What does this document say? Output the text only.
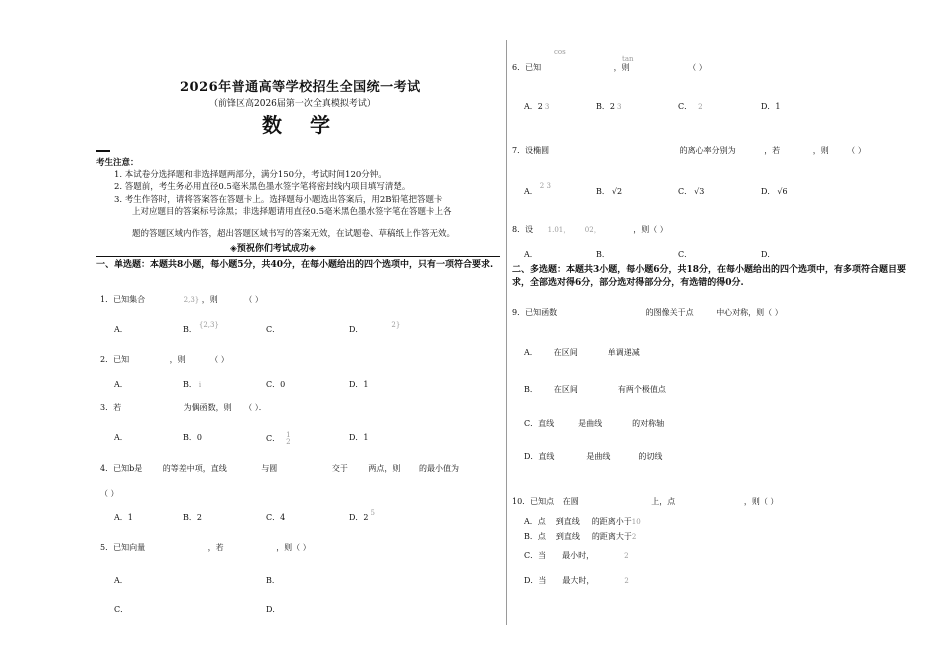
2026年普通高等学校招生全国统一考试
（前锋区高2026届第一次全真模拟考试）
数学
考生注意：
1. 本试卷分选择题和非选择题两部分，满分150分，考试时间120分钟。
2. 答题前，考生务必用直径0.5毫米黑色墨水签字笔将密封线内项目填写清楚。
3. 考生作答时，请将答案答在答题卡上。选择题每小题选出答案后，用2B铅笔把答题卡
上对应题目的答案标号涂黑；非选择题请用直径0.5毫米黑色墨水签字笔在答题卡上各
题的答题区域内作答，超出答题区域书写的答案无效，在试题卷、草稿纸上作答无效。
◈预祝你们考试成功◈
一、单选题：本题共8小题，每小题5分，共40分，在每小题给出的四个选项中，只有一项符合要求.
1．已知集合	2,3} ，则	（ ）
A．	B． {2,3}	C．	D．	2}
2．已知	，则	（ ）
A．	B． i	C．0	D．1
3．若	为偶函数，则 （ ）．
A．	B．0	C． 1
2	D．1
4．已知b是	的等差中项，直线	与圆	交于	两点，则 的最小值为
（ ）
A．1	B．2	C．4	D．2 5
5．已知向量	，若	，则（ ）
A．	B．
C．	D．
cos
tan
6．已知	，则	（ ）
A．2 3	B．2 3	C． 2	D．1
7．设椭圆	的离心率分别为	，若	，则 （ ）
A．2 3
B． √2	C． √3	D． √6
8．设 1.01， 02，	，则（ ）
A．	B．	C．	D．
二、多选题：本题共3小题，每小题6分，共18分，在每小题给出的四个选项中，有多项符合题目要求，全部选对得6分，部分选对得部分分，有选错的得0分.
9．已知函数	的图像关于点	中心对称，则（ ）
A． 在区间	单调递减
B． 在区间	有两个极值点
C．直线	是曲线	的对称轴
D．直线	是曲线	的切线
10．已知点 在圆	上，点	，则（ ）
A．点 到直线 的距离小于10
B．点 到直线 的距离大于2
C．当 最小时，	2
D．当 最大时，	2
